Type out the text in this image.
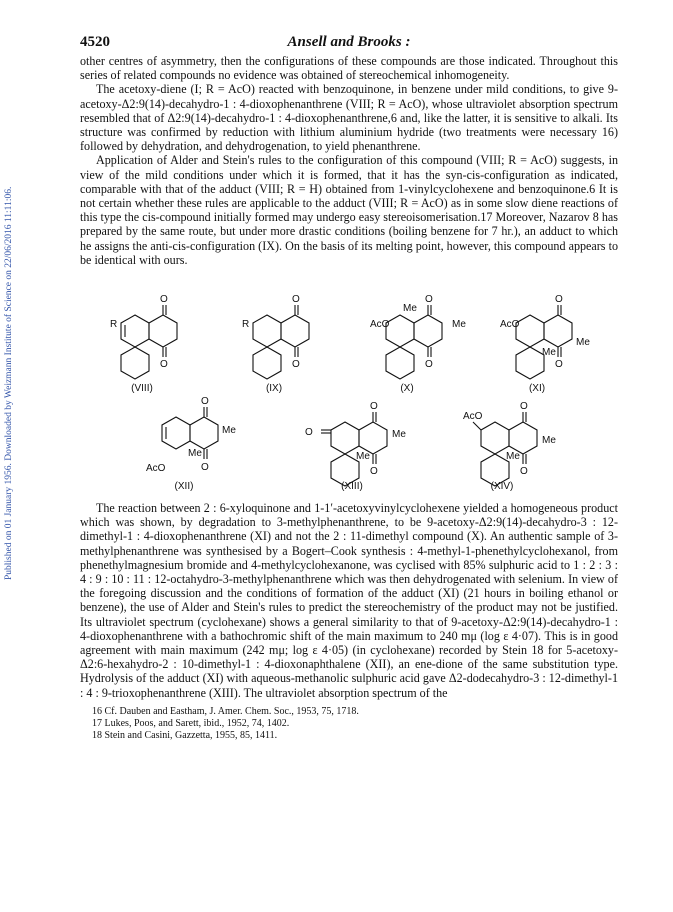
Published on 01 January 1956. Downloaded by Weizmann Institute of Science on 22/06/2016 11:11:06.
4520	Ansell and Brooks :

other centres of asymmetry, then the configurations of these compounds are those indicated. Throughout this series of related compounds no evidence was obtained of stereochemical inhomogeneity.

The acetoxy-diene (I; R = AcO) reacted with benzoquinone, in benzene under mild conditions, to give 9-acetoxy-Δ2:9(14)-decahydro-1 : 4-dioxophenanthrene (VIII; R = AcO), whose ultraviolet absorption spectrum resembled that of Δ2:9(14)-decahydro-1 : 4-dioxophenanthrene,6 and, like the latter, it is sensitive to alkali. Its structure was confirmed by reduction with lithium aluminium hydride (two treatments were necessary 16) followed by dehydration, and dehydrogenation, to yield phenanthrene.

Application of Alder and Stein's rules to the configuration of this compound (VIII; R = AcO) suggests, in view of the mild conditions under which it is formed, that it has the syn-cis-configuration as indicated, comparable with that of the adduct (VIII; R = H) obtained from 1-vinylcyclohexene and benzoquinone.6 It is not certain whether these rules are applicable to the adduct (VIII; R = AcO) as in some slow diene reactions of this type the cis-compound initially formed may undergo easy stereoisomerisation.17 Moreover, Nazarov 8 has prepared by the same route, but under more drastic conditions (boiling benzene for 7 hr.), an adduct to which he assigns the anti-cis-configuration (IX). On the basis of its melting point, however, this compound appears to be identical with ours.

R
O
O
R
O
O
AcO
Me
O
Me
O
AcO
O
Me
Me
O
O
Me
Me
AcO	O
O
O
Me
Me
O
AcO
O
Me
Me
O
(VIII)	(IX)	(X)	(XI)
(XII)	(XIII)	(XIV)

The reaction between 2 : 6-xyloquinone and 1-1′-acetoxyvinylcyclohexene yielded a homogeneous product which was shown, by degradation to 3-methylphenanthrene, to be 9-acetoxy-Δ2:9(14)-decahydro-3 : 12-dimethyl-1 : 4-dioxophenanthrene (XI) and not the 2 : 11-dimethyl compound (X). An authentic sample of 3-methylphenanthrene was synthesised by a Bogert–Cook synthesis : 4-methyl-1-phenethylcyclohexanol, from phenethylmagnesium bromide and 4-methylcyclohexanone, was cyclised with 85% sulphuric acid to 1 : 2 : 3 : 4 : 9 : 10 : 11 : 12-octahydro-3-methylphenanthrene which was then dehydrogenated with selenium. In view of the foregoing discussion and the conditions of formation of the adduct (XI) (21 hours in boiling ethanol or benzene), the use of Alder and Stein's rules to predict the stereochemistry of the product may not be justified. Its ultraviolet spectrum (cyclohexane) shows a general similarity to that of 9-acetoxy-Δ2:9(14)-decahydro-1 : 4-dioxophenanthrene with a bathochromic shift of the main maximum to 240 mμ (log ε 4·07). This is in good agreement with main maximum (242 mμ; log ε 4·05) (in cyclohexane) recorded by Stein 18 for 5-acetoxy-Δ2:6-hexahydro-2 : 10-dimethyl-1 : 4-dioxonaphthalene (XII), an ene-dione of the same substitution type. Hydrolysis of the adduct (XI) with aqueous-methanolic sulphuric acid gave Δ2-dodecahydro-3 : 12-dimethyl-1 : 4 : 9-trioxophenanthrene (XIII). The ultraviolet absorption spectrum of the

16 Cf. Dauben and Eastham, J. Amer. Chem. Soc., 1953, 75, 1718.

17 Lukes, Poos, and Sarett, ibid., 1952, 74, 1402.

18 Stein and Casini, Gazzetta, 1955, 85, 1411.
